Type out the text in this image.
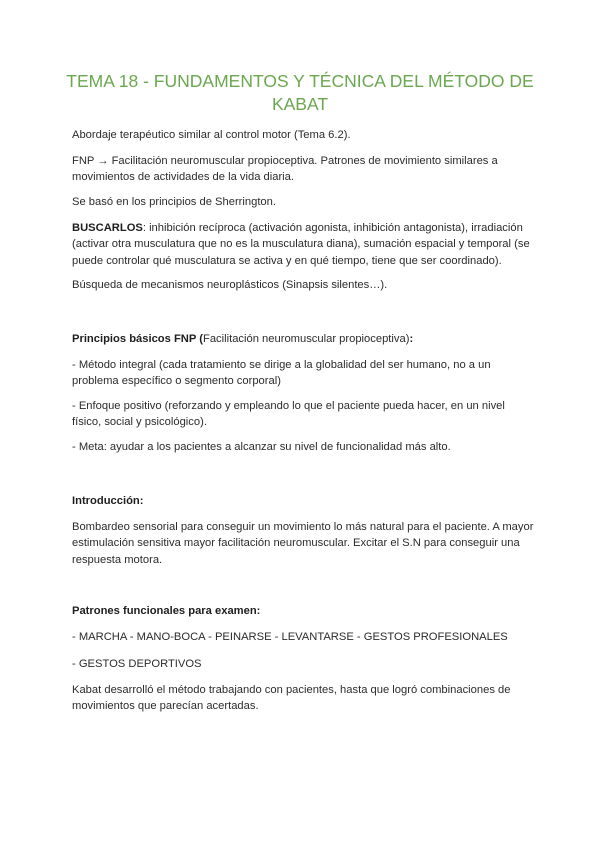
TEMA 18 - FUNDAMENTOS Y TÉCNICA DEL MÉTODO DE KABAT

Abordaje terapéutico similar al control motor (Tema 6.2).

FNP → Facilitación neuromuscular propioceptiva. Patrones de movimiento similares a movimientos de actividades de la vida diaria.

Se basó en los principios de Sherrington.

BUSCARLOS: inhibición recíproca (activación agonista, inhibición antagonista), irradiación (activar otra musculatura que no es la musculatura diana), sumación espacial y temporal (se puede controlar qué musculatura se activa y en qué tiempo, tiene que ser coordinado).

Búsqueda de mecanismos neuroplásticos (Sinapsis silentes…).

Principios básicos FNP (Facilitación neuromuscular propioceptiva):

- Método integral (cada tratamiento se dirige a la globalidad del ser humano, no a un problema específico o segmento corporal)

- Enfoque positivo (reforzando y empleando lo que el paciente pueda hacer, en un nivel físico, social y psicológico).

- Meta: ayudar a los pacientes a alcanzar su nivel de funcionalidad más alto.

Introducción:

Bombardeo sensorial para conseguir un movimiento lo más natural para el paciente. A mayor estimulación sensitiva mayor facilitación neuromuscular. Excitar el S.N para conseguir una respuesta motora.

Patrones funcionales para examen:

- MARCHA - MANO-BOCA - PEINARSE - LEVANTARSE - GESTOS PROFESIONALES

- GESTOS DEPORTIVOS

Kabat desarrolló el método trabajando con pacientes, hasta que logró combinaciones de movimientos que parecían acertadas.
